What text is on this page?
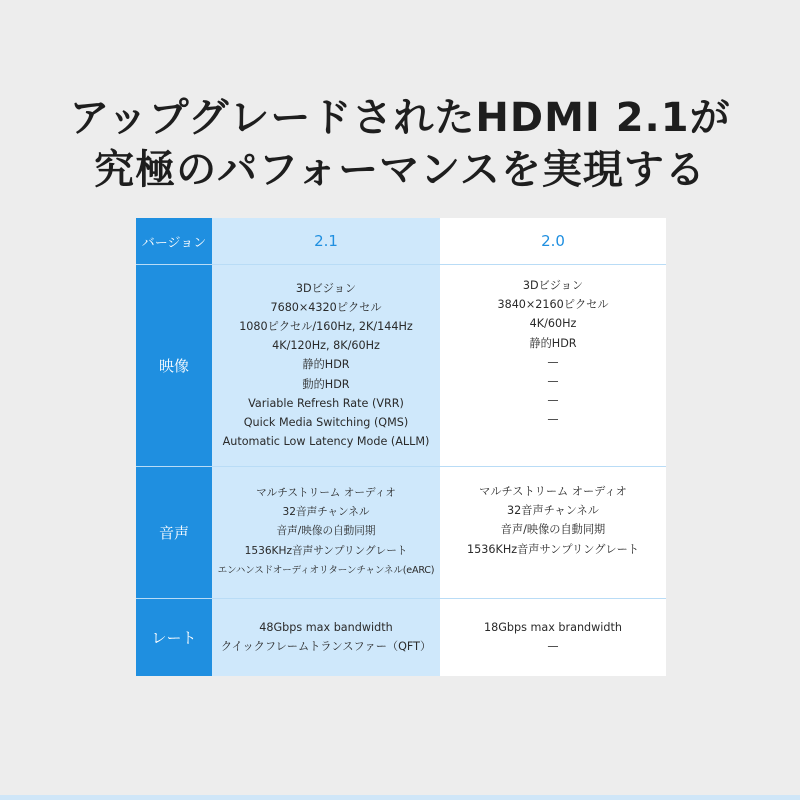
アップグレードされたHDMI 2.1が
究極のパフォーマンスを実現する
バージョン	2.1	2.0
映像
3Dビジョン
7680×4320ピクセル
1080ピクセル/160Hz, 2K/144Hz
4K/120Hz, 8K/60Hz
静的HDR
動的HDR
Variable Refresh Rate (VRR)
Quick Media Switching (QMS)
Automatic Low Latency Mode (ALLM)
3Dビジョン
3840×2160ピクセル
4K/60Hz
静的HDR
—
—
—
—
音声
マルチストリーム オーディオ
32音声チャンネル
音声/映像の自動同期
1536KHz音声サンプリングレート
エンハンスドオーディオリターンチャンネル(eARC)
マルチストリーム オーディオ
32音声チャンネル
音声/映像の自動同期
1536KHz音声サンプリングレート
レート
48Gbps max bandwidth
クイックフレームトランスファー（QFT）
18Gbps max brandwidth
—
